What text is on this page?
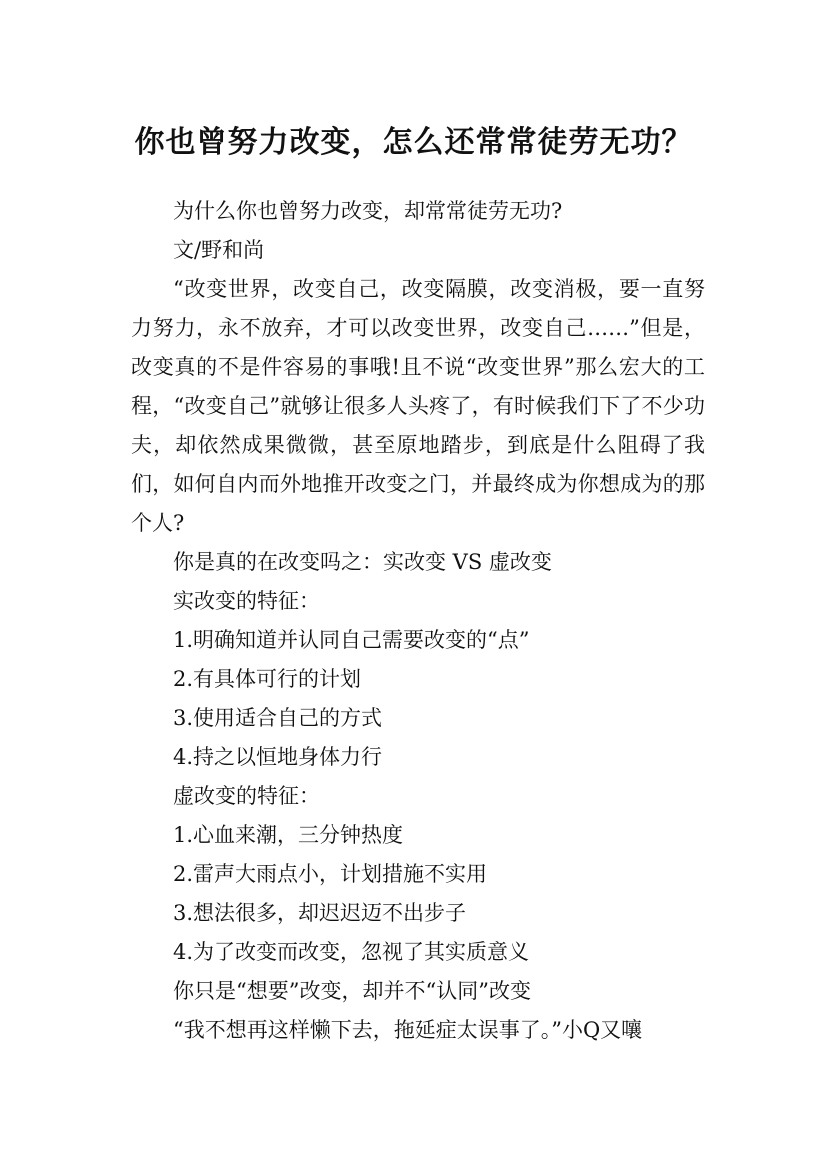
你也曾努力改变，怎么还常常徒劳无功？

为什么你也曾努力改变，却常常徒劳无功?

文/野和尚

“改变世界，改变自己，改变隔膜，改变消极，要一直努力努力，永不放弃，才可以改变世界，改变自己……”但是，改变真的不是件容易的事哦!且不说“改变世界”那么宏大的工程，“改变自己”就够让很多人头疼了，有时候我们下了不少功夫，却依然成果微微，甚至原地踏步，到底是什么阻碍了我们，如何自内而外地推开改变之门，并最终成为你想成为的那个人?

你是真的在改变吗之：实改变 VS 虚改变

实改变的特征：

1.明确知道并认同自己需要改变的“点”

2.有具体可行的计划

3.使用适合自己的方式

4.持之以恒地身体力行

虚改变的特征：

1.心血来潮，三分钟热度

2.雷声大雨点小，计划措施不实用

3.想法很多，却迟迟迈不出步子

4.为了改变而改变，忽视了其实质意义

你只是“想要”改变，却并不“认同”改变

“我不想再这样懒下去，拖延症太误事了。”小Q又嚷
